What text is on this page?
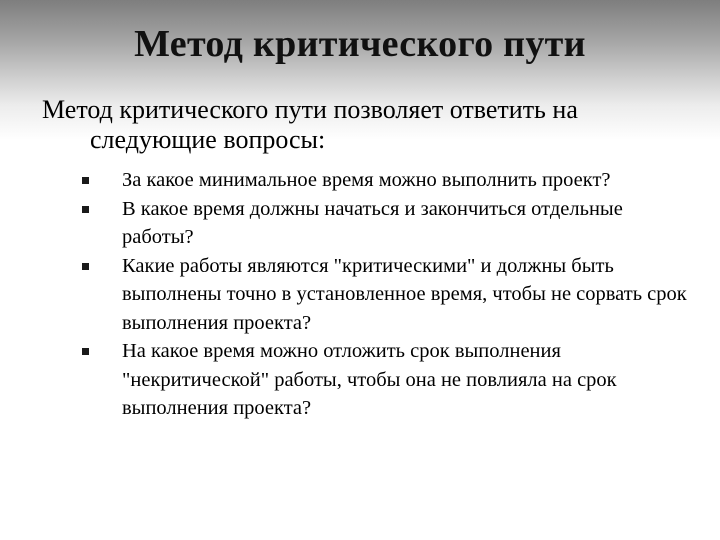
Метод критического пути
Метод критического пути позволяет ответить на
следующие вопросы:
За какое минимальное время можно выполнить проект?
В какое время должны начаться и закончиться отдельные работы?
Какие работы являются "критическими" и должны быть выполнены точно в установленное время, чтобы не сорвать срок выполнения проекта?
На какое время можно отложить срок выполнения "некритической" работы, чтобы она не повлияла на срок выполнения проекта?
